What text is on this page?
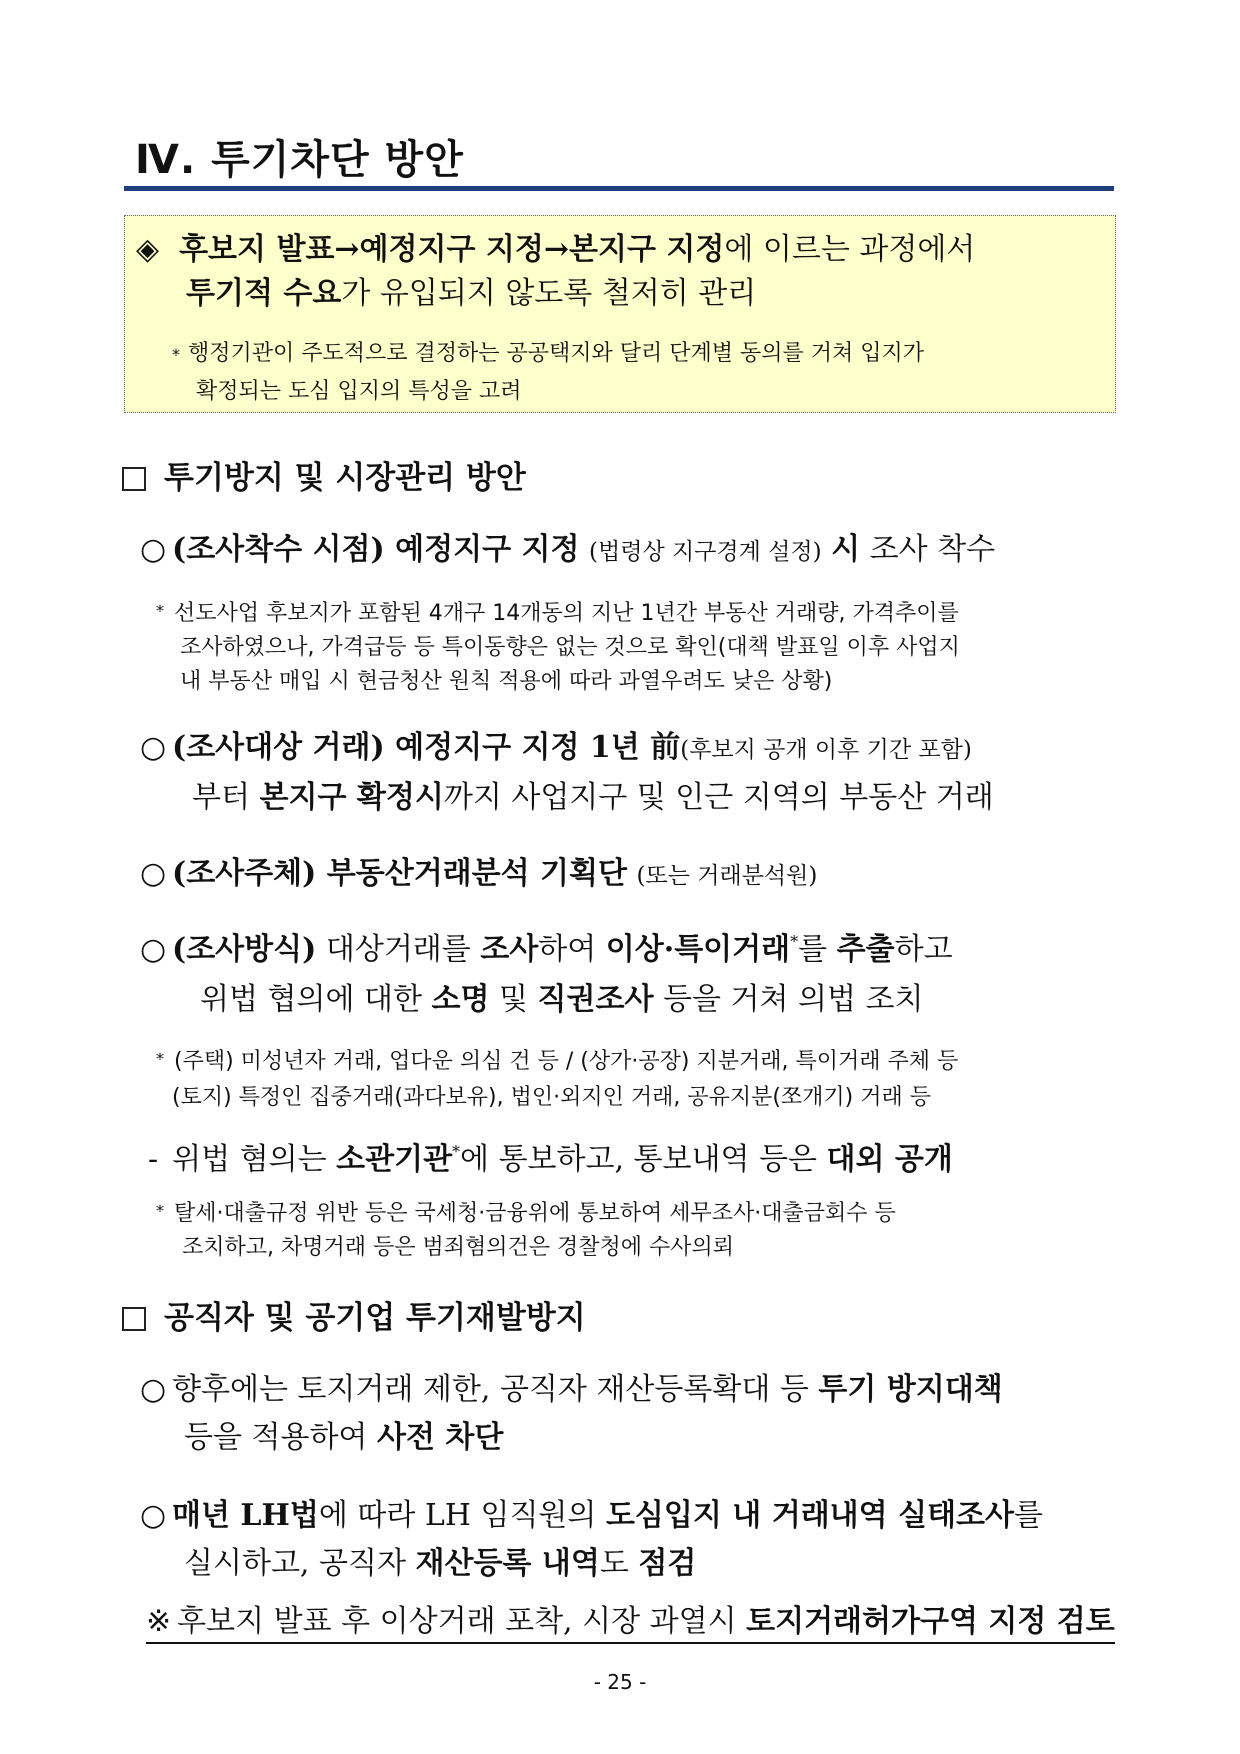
Ⅳ. 투기차단 방안
◈ 후보지 발표→예정지구 지정→본지구 지정에 이르는 과정에서
투기적 수요가 유입되지 않도록 철저히 관리
* 행정기관이 주도적으로 결정하는 공공택지와 달리 단계별 동의를 거쳐 입지가
확정되는 도심 입지의 특성을 고려
투기방지 및 시장관리 방안
○ (조사착수 시점) 예정지구 지정 (법령상 지구경계 설정) 시 조사 착수
* 선도사업 후보지가 포함된 4개구 14개동의 지난 1년간 부동산 거래량, 가격추이를
조사하였으나, 가격급등 등 특이동향은 없는 것으로 확인(대책 발표일 이후 사업지
내 부동산 매입 시 현금청산 원칙 적용에 따라 과열우려도 낮은 상황)
○ (조사대상 거래) 예정지구 지정 1년 前(후보지 공개 이후 기간 포함)
부터 본지구 확정시까지 사업지구 및 인근 지역의 부동산 거래
○ (조사주체) 부동산거래분석 기획단 (또는 거래분석원)
○ (조사방식) 대상거래를 조사하여 이상·특이거래*를 추출하고
위법 협의에 대한 소명 및 직권조사 등을 거쳐 의법 조치
* (주택) 미성년자 거래, 업다운 의심 건 등 / (상가·공장) 지분거래, 특이거래 주체 등
(토지) 특정인 집중거래(과다보유), 법인·외지인 거래, 공유지분(쪼개기) 거래 등
- 위법 혐의는 소관기관*에 통보하고, 통보내역 등은 대외 공개
* 탈세·대출규정 위반 등은 국세청·금융위에 통보하여 세무조사·대출금회수 등
조치하고, 차명거래 등은 범죄혐의건은 경찰청에 수사의뢰
공직자 및 공기업 투기재발방지
○ 향후에는 토지거래 제한, 공직자 재산등록확대 등 투기 방지대책
등을 적용하여 사전 차단
○ 매년 LH법에 따라 LH 임직원의 도심입지 내 거래내역 실태조사를
실시하고, 공직자 재산등록 내역도 점검
※ 후보지 발표 후 이상거래 포착, 시장 과열시 토지거래허가구역 지정 검토
- 25 -
